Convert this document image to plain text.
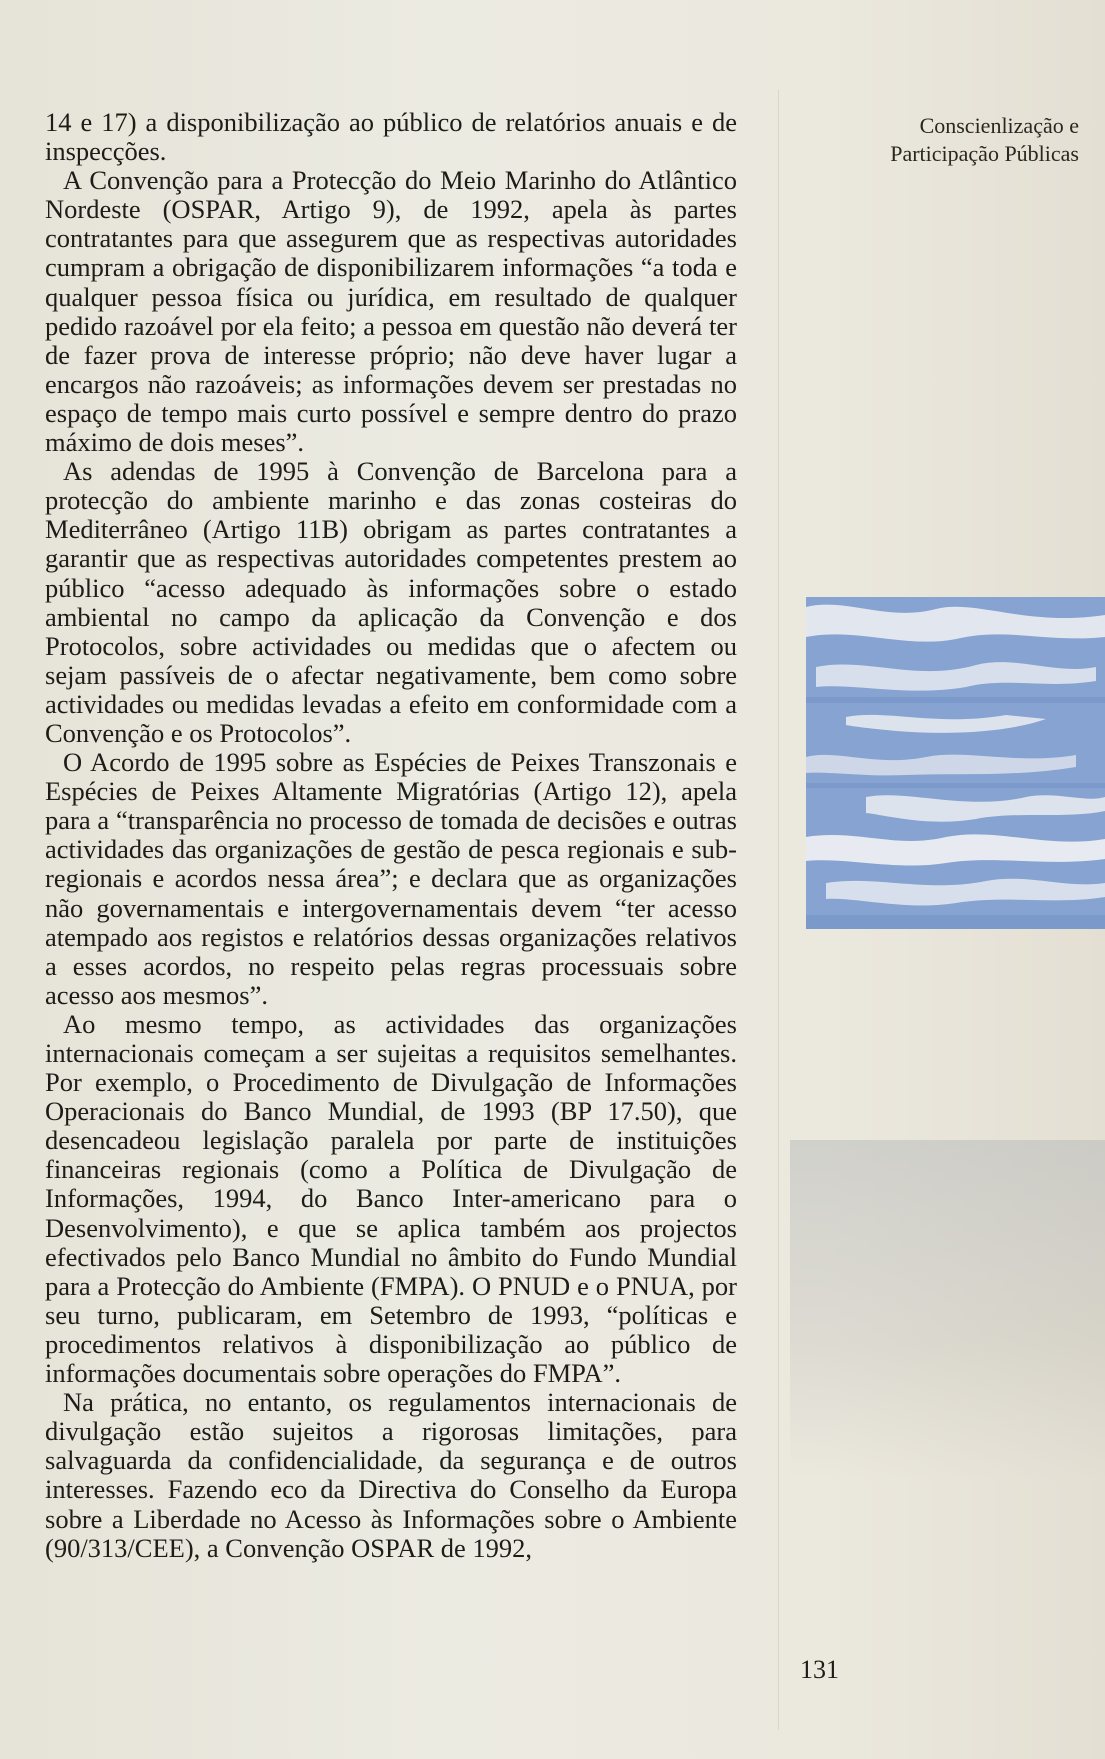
Conscienlização e
Participação Públicas

14 e 17) a disponibilização ao público de relatórios anuais e de inspecções.

A Convenção para a Protecção do Meio Marinho do Atlântico Nordeste (OSPAR, Artigo 9), de 1992, apela às partes contratantes para que assegurem que as respectivas autoridades cumpram a obrigação de disponibilizarem informações “a toda e qualquer pessoa física ou jurídica, em resultado de qualquer pedido razoável por ela feito; a pessoa em questão não deverá ter de fazer prova de interesse próprio; não deve haver lugar a encargos não razoáveis; as informações devem ser prestadas no espaço de tempo mais curto possível e sempre dentro do prazo máximo de dois meses”.

As adendas de 1995 à Convenção de Barcelona para a protecção do ambiente marinho e das zonas costeiras do Mediterrâneo (Artigo 11B) obrigam as partes contratantes a garantir que as respectivas autoridades competentes prestem ao público “acesso adequado às informações sobre o estado ambiental no campo da aplicação da Convenção e dos Protocolos, sobre actividades ou medidas que o afectem ou sejam passíveis de o afectar negativamente, bem como sobre actividades ou medidas levadas a efeito em conformidade com a Convenção e os Protocolos”.

O Acordo de 1995 sobre as Espécies de Peixes Transzonais e Espécies de Peixes Altamente Migratórias (Artigo 12), apela para a “transparência no processo de tomada de decisões e outras actividades das organizações de gestão de pesca regionais e sub-regionais e acordos nessa área”; e declara que as organizações não governamentais e intergovernamentais devem “ter acesso atempado aos registos e relatórios dessas organizações relativos a esses acordos, no respeito pelas regras processuais sobre acesso aos mesmos”.

Ao mesmo tempo, as actividades das organizações internacionais começam a ser sujeitas a requisitos semelhantes. Por exemplo, o Procedimento de Divulgação de Informações Operacionais do Banco Mundial, de 1993 (BP 17.50), que desencadeou legislação paralela por parte de instituições financeiras regionais (como a Política de Divulgação de Informações, 1994, do Banco Inter-americano para o Desenvolvimento), e que se aplica também aos projectos efectivados pelo Banco Mundial no âmbito do Fundo Mundial para a Protecção do Ambiente (FMPA). O PNUD e o PNUA, por seu turno, publicaram, em Setembro de 1993, “políticas e procedimentos relativos à disponibilização ao público de informações documentais sobre operações do FMPA”.

Na prática, no entanto, os regulamentos internacionais de divulgação estão sujeitos a rigorosas limitações, para salvaguarda da confidencialidade, da segurança e de outros interesses. Fazendo eco da Directiva do Conselho da Europa sobre a Liberdade no Acesso às Informações sobre o Ambiente (90/313/CEE), a Convenção OSPAR de 1992,

131
